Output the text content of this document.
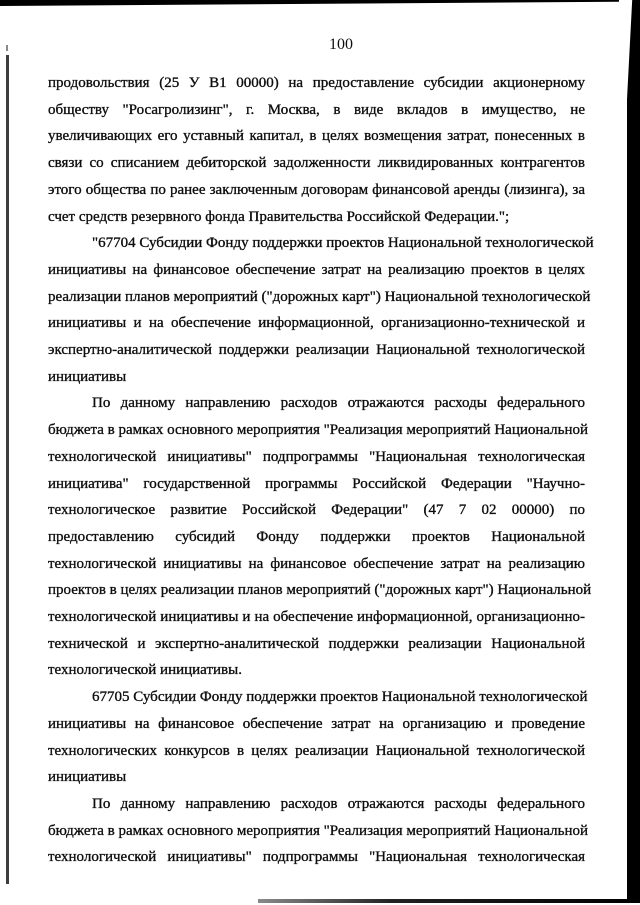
100
продовольствия (25 У В1 00000) на предоставление субсидии акционерному
обществу "Росагролизинг", г. Москва, в виде вкладов в имущество, не
увеличивающих его уставный капитал, в целях возмещения затрат, понесенных в
связи со списанием дебиторской задолженности ликвидированных контрагентов
этого общества по ранее заключенным договорам финансовой аренды (лизинга), за
счет средств резервного фонда Правительства Российской Федерации.";
"67704 Субсидии Фонду поддержки проектов Национальной технологической
инициативы на финансовое обеспечение затрат на реализацию проектов в целях
реализации планов мероприятий ("дорожных карт") Национальной технологической
инициативы и на обеспечение информационной, организационно-технической и
экспертно-аналитической поддержки реализации Национальной технологической
инициативы
По данному направлению расходов отражаются расходы федерального
бюджета в рамках основного мероприятия "Реализация мероприятий Национальной
технологической инициативы" подпрограммы "Национальная технологическая
инициатива" государственной программы Российской Федерации "Научно-
технологическое развитие Российской Федерации" (47 7 02 00000) по
предоставлению субсидий Фонду поддержки проектов Национальной
технологической инициативы на финансовое обеспечение затрат на реализацию
проектов в целях реализации планов мероприятий ("дорожных карт") Национальной
технологической инициативы и на обеспечение информационной, организационно-
технической и экспертно-аналитической поддержки реализации Национальной
технологической инициативы.
67705 Субсидии Фонду поддержки проектов Национальной технологической
инициативы на финансовое обеспечение затрат на организацию и проведение
технологических конкурсов в целях реализации Национальной технологической
инициативы
По данному направлению расходов отражаются расходы федерального
бюджета в рамках основного мероприятия "Реализация мероприятий Национальной
технологической инициативы" подпрограммы "Национальная технологическая
